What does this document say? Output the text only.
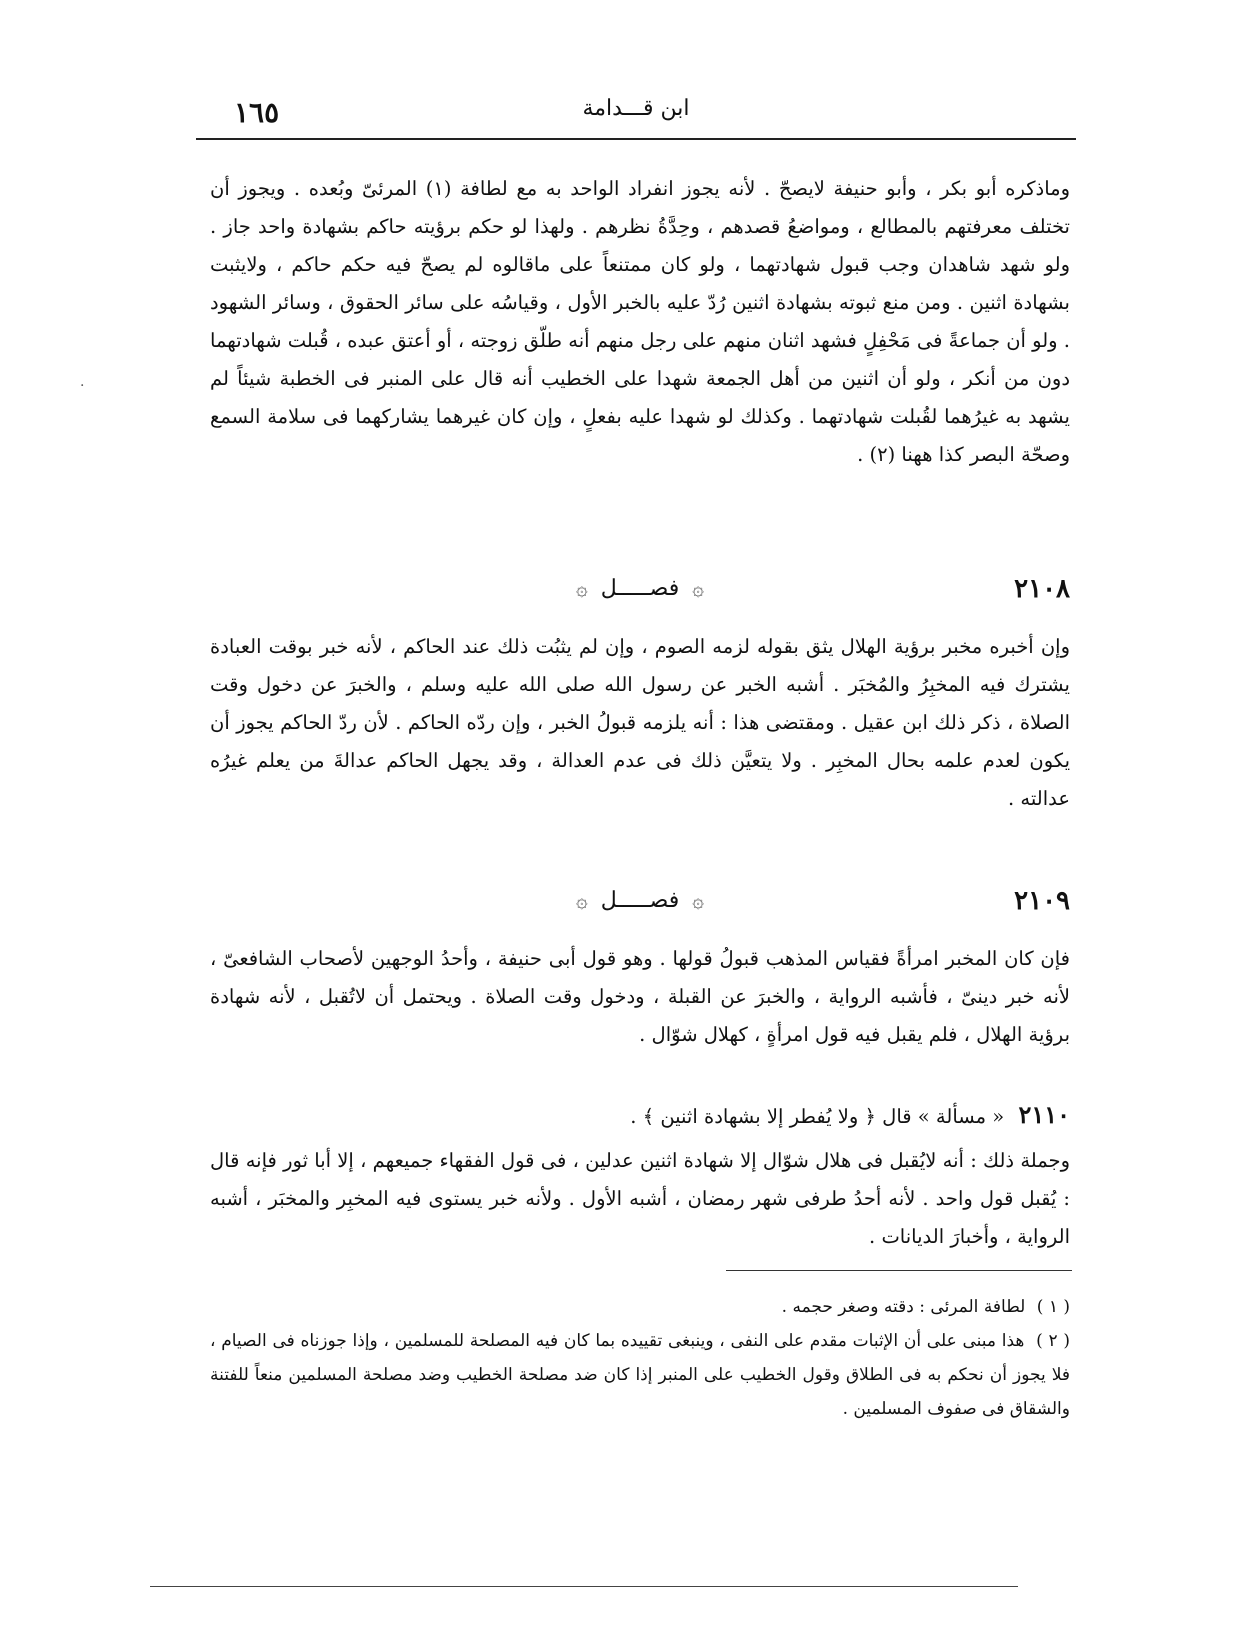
١٦٥	ابن قـــدامة
·

وماذكره أبو بكر ، وأبو حنيفة لايصحّ . لأنه يجوز انفراد الواحد به مع لطافة (١) المرئىّ وبُعده . ويجوز أن تختلف معرفتهم بالمطالع ، ومواضعُ قصدهم ، وحِدَّةُ نظرهم . ولهذا لو حكم برؤيته حاكم بشهادة واحد جاز . ولو شهد شاهدان وجب قبول شهادتهما ، ولو كان ممتنعاً على ماقالوه لم يصحّ فيه حكم حاكم ، ولايثبت بشهادة اثنين . ومن منع ثبوته بشهادة اثنين رُدّ عليه بالخبر الأول ، وقياسُه على سائر الحقوق ، وسائر الشهود . ولو أن جماعةً فى مَحْفِلٍ فشهد اثنان منهم على رجل منهم أنه طلّق زوجته ، أو أعتق عبده ، قُبلت شهادتهما دون من أنكر ، ولو أن اثنين من أهل الجمعة شهدا على الخطيب أنه قال على المنبر فى الخطبة شيئاً لم يشهد به غيرُهما لقُبلت شهادتهما . وكذلك لو شهدا عليه بفعلٍ ، وإن كان غيرهما يشاركهما فى سلامة السمع وصحّة البصر كذا ههنا (٢) .

٢١٠٨
۞ فصـــــل ۞

وإن أخبره مخبر برؤية الهلال يثق بقوله لزمه الصوم ، وإن لم يثبُت ذلك عند الحاكم ، لأنه خبر بوقت العبادة يشترك فيه المخبِرُ والمُخبَر . أشبه الخبر عن رسول الله صلى الله عليه وسلم ، والخبرَ عن دخول وقت الصلاة ، ذكر ذلك ابن عقيل . ومقتضى هذا : أنه يلزمه قبولُ الخبر ، وإن ردّه الحاكم . لأن ردّ الحاكم يجوز أن يكون لعدم علمه بحال المخبِر . ولا يتعيَّن ذلك فى عدم العدالة ، وقد يجهل الحاكم عدالةَ من يعلم غيرُه عدالته .

٢١٠٩
۞ فصـــــل ۞

فإن كان المخبر امرأةً فقياس المذهب قبولُ قولها . وهو قول أبى حنيفة ، وأحدُ الوجهين لأصحاب الشافعىّ ، لأنه خبر دينىّ ، فأشبه الرواية ، والخبرَ عن القبلة ، ودخول وقت الصلاة . ويحتمل أن لاتُقبل ، لأنه شهادة برؤية الهلال ، فلم يقبل فيه قول امرأةٍ ، كهلال شوّال .

٢١١٠ « مسألة » قال ﴿ ولا يُفطر إلا بشهادة اثنين ﴾ .

وجملة ذلك : أنه لايُقبل فى هلال شوّال إلا شهادة اثنين عدلين ، فى قول الفقهاء جميعهم ، إلا أبا ثور فإنه قال : يُقبل قول واحد . لأنه أحدُ طرفى شهر رمضان ، أشبه الأول . ولأنه خبر يستوى فيه المخبِر والمخبَر ، أشبه الرواية ، وأخبارَ الديانات .

( ١ ) لطافة المرئى : دقته وصغر حجمه .

( ٢ ) هذا مبنى على أن الإثبات مقدم على النفى ، وينبغى تقييده بما كان فيه المصلحة للمسلمين ، وإذا جوزناه فى الصيام ، فلا يجوز أن نحكم به فى الطلاق وقول الخطيب على المنبر إذا كان ضد مصلحة الخطيب وضد مصلحة المسلمين منعاً للفتنة والشقاق فى صفوف المسلمين .
